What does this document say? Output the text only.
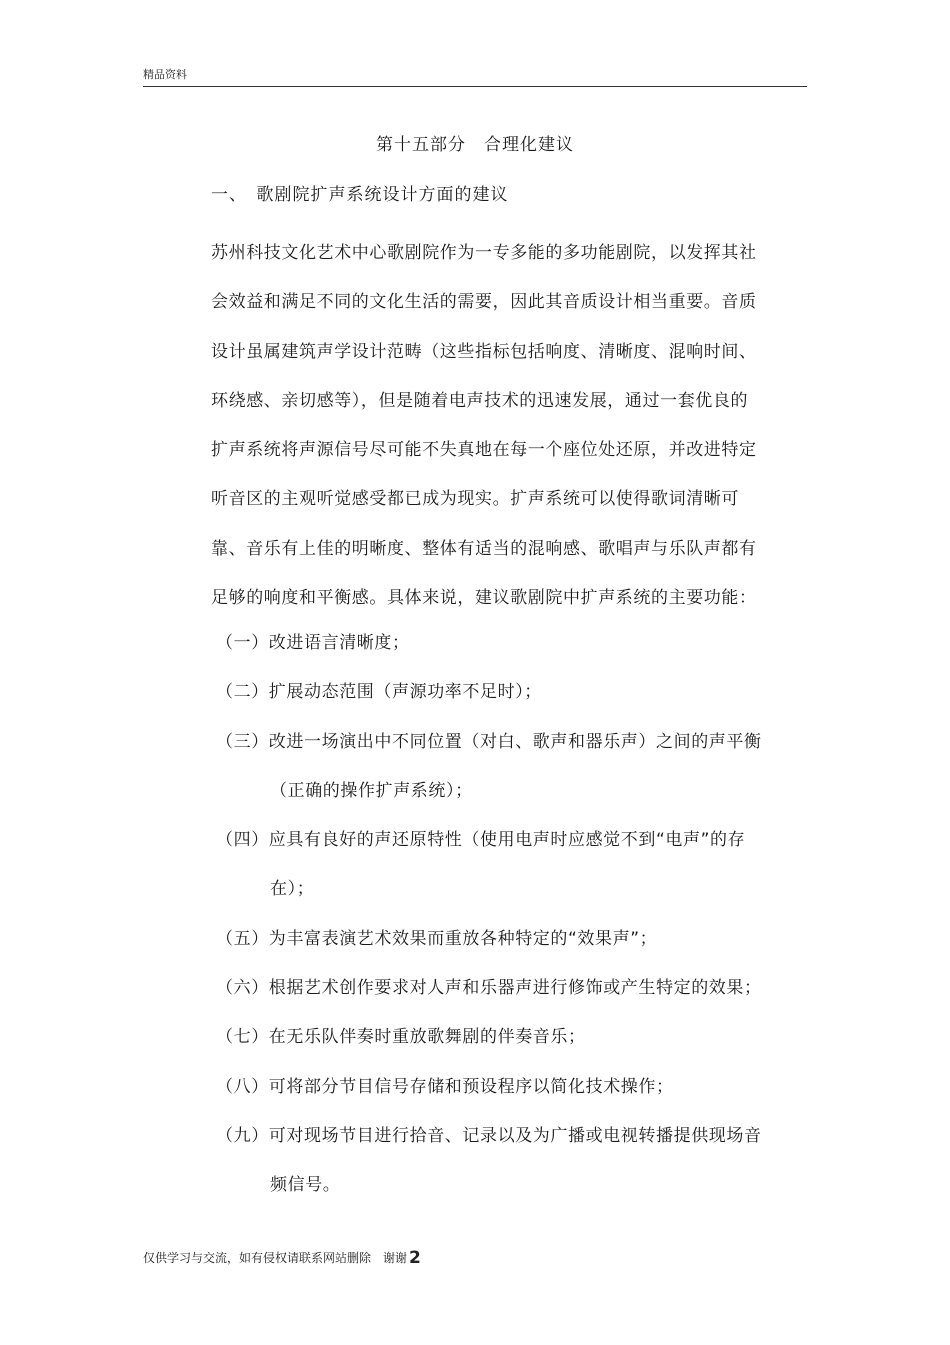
精品资料
第十五部分　合理化建议
一、　歌剧院扩声系统设计方面的建议
苏州科技文化艺术中心歌剧院作为一专多能的多功能剧院，以发挥其社
会效益和满足不同的文化生活的需要，因此其音质设计相当重要。音质
设计虽属建筑声学设计范畴（这些指标包括响度、清晰度、混响时间、
环绕感、亲切感等），但是随着电声技术的迅速发展，通过一套优良的
扩声系统将声源信号尽可能不失真地在每一个座位处还原，并改进特定
听音区的主观听觉感受都已成为现实。扩声系统可以使得歌词清晰可
靠、音乐有上佳的明晰度、整体有适当的混响感、歌唱声与乐队声都有
足够的响度和平衡感。具体来说，建议歌剧院中扩声系统的主要功能：
（一）改进语言清晰度；
（二）扩展动态范围（声源功率不足时）；
（三）改进一场演出中不同位置（对白、歌声和器乐声）之间的声平衡
（正确的操作扩声系统）；
（四）应具有良好的声还原特性（使用电声时应感觉不到“电声”的存
在）；
（五）为丰富表演艺术效果而重放各种特定的“效果声”；
（六）根据艺术创作要求对人声和乐器声进行修饰或产生特定的效果；
（七）在无乐队伴奏时重放歌舞剧的伴奏音乐；
（八）可将部分节目信号存储和预设程序以简化技术操作；
（九）可对现场节目进行拾音、记录以及为广播或电视转播提供现场音
频信号。
仅供学习与交流，如有侵权请联系网站删除　谢谢 2
